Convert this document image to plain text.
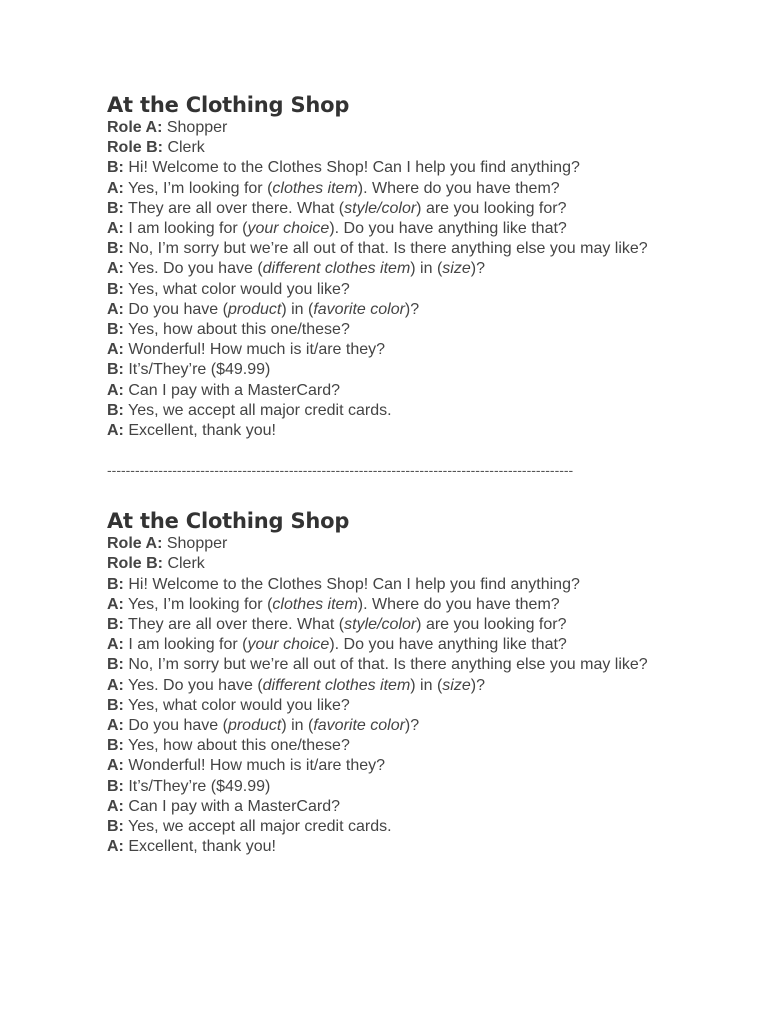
At the Clothing Shop

Role A: Shopper

Role B: Clerk

B: Hi! Welcome to the Clothes Shop! Can I help you find anything?

A: Yes, I’m looking for (clothes item). Where do you have them?

B: They are all over there. What (style/color) are you looking for?

A: I am looking for (your choice). Do you have anything like that?

B: No, I’m sorry but we’re all out of that. Is there anything else you may like?

A: Yes. Do you have (different clothes item) in (size)?

B: Yes, what color would you like?

A: Do you have (product) in (favorite color)?

B: Yes, how about this one/these?

A: Wonderful! How much is it/are they?

B: It’s/They’re ($49.99)

A: Can I pay with a MasterCard?

B: Yes, we accept all major credit cards.

A: Excellent, thank you!

----------------------------------------------------------------------------------------------------
At the Clothing Shop

Role A: Shopper

Role B: Clerk

B: Hi! Welcome to the Clothes Shop! Can I help you find anything?

A: Yes, I’m looking for (clothes item). Where do you have them?

B: They are all over there. What (style/color) are you looking for?

A: I am looking for (your choice). Do you have anything like that?

B: No, I’m sorry but we’re all out of that. Is there anything else you may like?

A: Yes. Do you have (different clothes item) in (size)?

B: Yes, what color would you like?

A: Do you have (product) in (favorite color)?

B: Yes, how about this one/these?

A: Wonderful! How much is it/are they?

B: It’s/They’re ($49.99)

A: Can I pay with a MasterCard?

B: Yes, we accept all major credit cards.

A: Excellent, thank you!
